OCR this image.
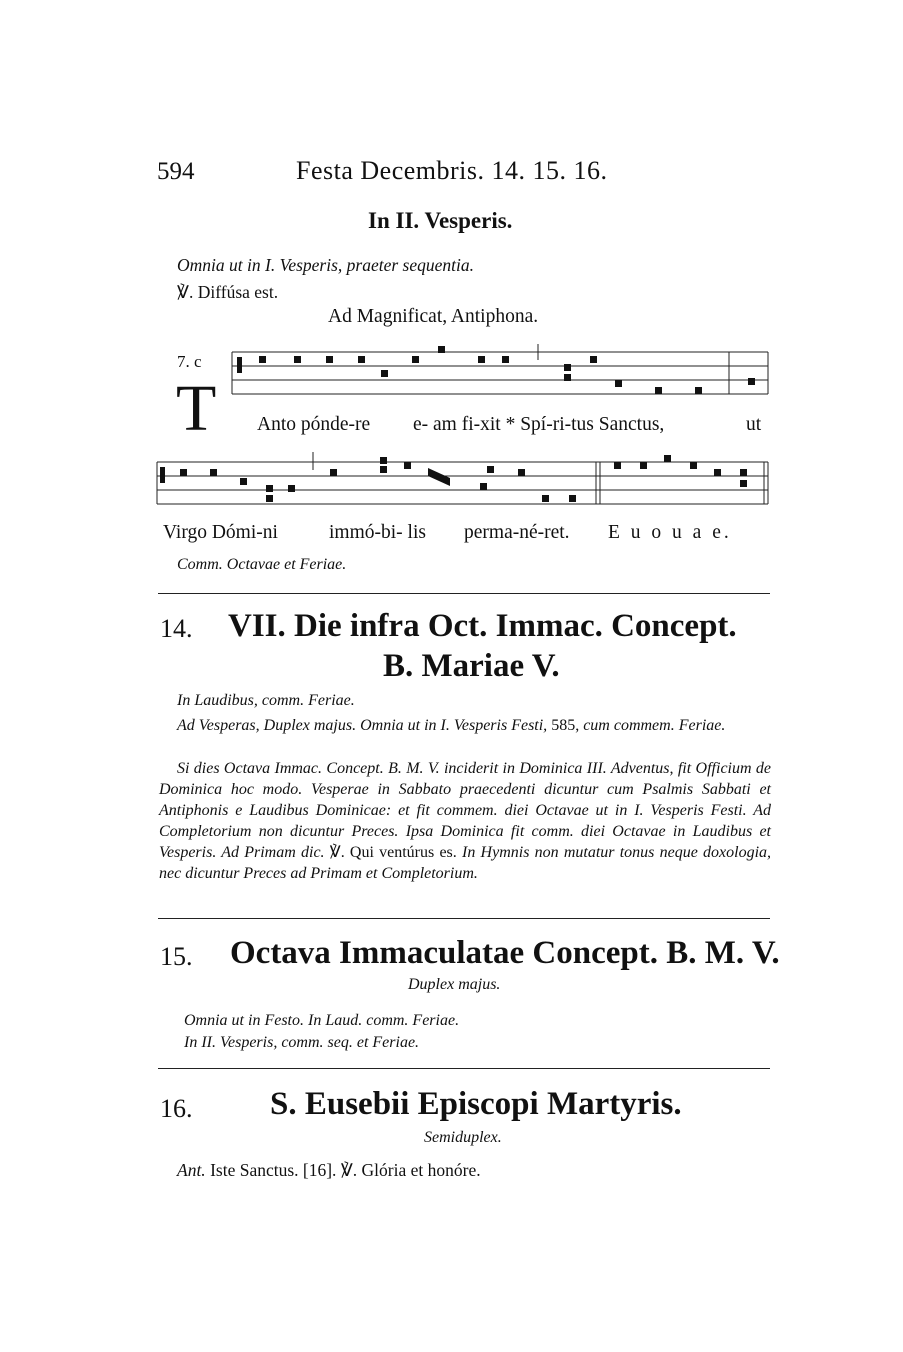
594	Festa Decembris. 14. 15. 16.
In II. Vesperis.
Omnia ut in I. Vesperis, praeter sequentia.
℣. Diffúsa est.
Ad Magnificat, Antiphona.
7. c
T Anto pónde-re e- am fi-xit * Spí-ri-tus Sanctus,	ut
Virgo Dómi-ni	immó-bi- lis perma-né-ret. E u o u a e.
Comm. Octavae et Feriae.
14. VII. Die infra Oct. Immac. Concept.
B. Mariae V.
In Laudibus, comm. Feriae.
Ad Vesperas, Duplex majus. Omnia ut in I. Vesperis Festi, 585, cum commem. Feriae.
Si dies Octava Immac. Concept. B. M. V. inciderit in Dominica III. Adventus, fit Officium de Dominica hoc modo. Vesperae in Sabbato praecedenti dicuntur cum Psalmis Sabbati et Antiphonis e Laudibus Dominicae: et fit commem. diei Octavae ut in I. Vesperis Festi. Ad Completorium non dicuntur Preces. Ipsa Dominica fit comm. diei Octavae in Laudibus et Vesperis. Ad Primam dic. ℣. Qui ventúrus es. In Hymnis non mutatur tonus neque doxologia, nec dicuntur Preces ad Primam et Completorium.
15. Octava Immaculatae Concept. B. M. V.
Duplex majus.
Omnia ut in Festo. In Laud. comm. Feriae.
In II. Vesperis, comm. seq. et Feriae.
16. S. Eusebii Episcopi Martyris.
Semiduplex.
Ant. Iste Sanctus. [16]. ℣. Glória et honóre.
